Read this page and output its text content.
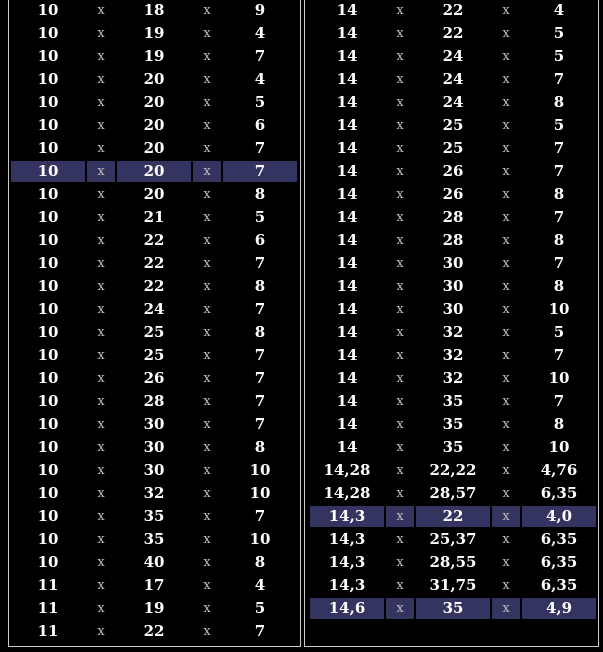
10	x	18	x	9
10	x	19	x	4
10	x	19	x	7
10	x	20	x	4
10	x	20	x	5
10	x	20	x	6
10	x	20	x	7
10	x	20	x	7
10	x	20	x	8
10	x	21	x	5
10	x	22	x	6
10	x	22	x	7
10	x	22	x	8
10	x	24	x	7
10	x	25	x	8
10	x	25	x	7
10	x	26	x	7
10	x	28	x	7
10	x	30	x	7
10	x	30	x	8
10	x	30	x	10
10	x	32	x	10
10	x	35	x	7
10	x	35	x	10
10	x	40	x	8
11	x	17	x	4
11	x	19	x	5
11	x	22	x	7
14	x	22	x	4
14	x	22	x	5
14	x	24	x	5
14	x	24	x	7
14	x	24	x	8
14	x	25	x	5
14	x	25	x	7
14	x	26	x	7
14	x	26	x	8
14	x	28	x	7
14	x	28	x	8
14	x	30	x	7
14	x	30	x	8
14	x	30	x	10
14	x	32	x	5
14	x	32	x	7
14	x	32	x	10
14	x	35	x	7
14	x	35	x	8
14	x	35	x	10
14,28	x	22,22	x	4,76
14,28	x	28,57	x	6,35
14,3	x	22	x	4,0
14,3	x	25,37	x	6,35
14,3	x	28,55	x	6,35
14,3	x	31,75	x	6,35
14,6	x	35	x	4,9
